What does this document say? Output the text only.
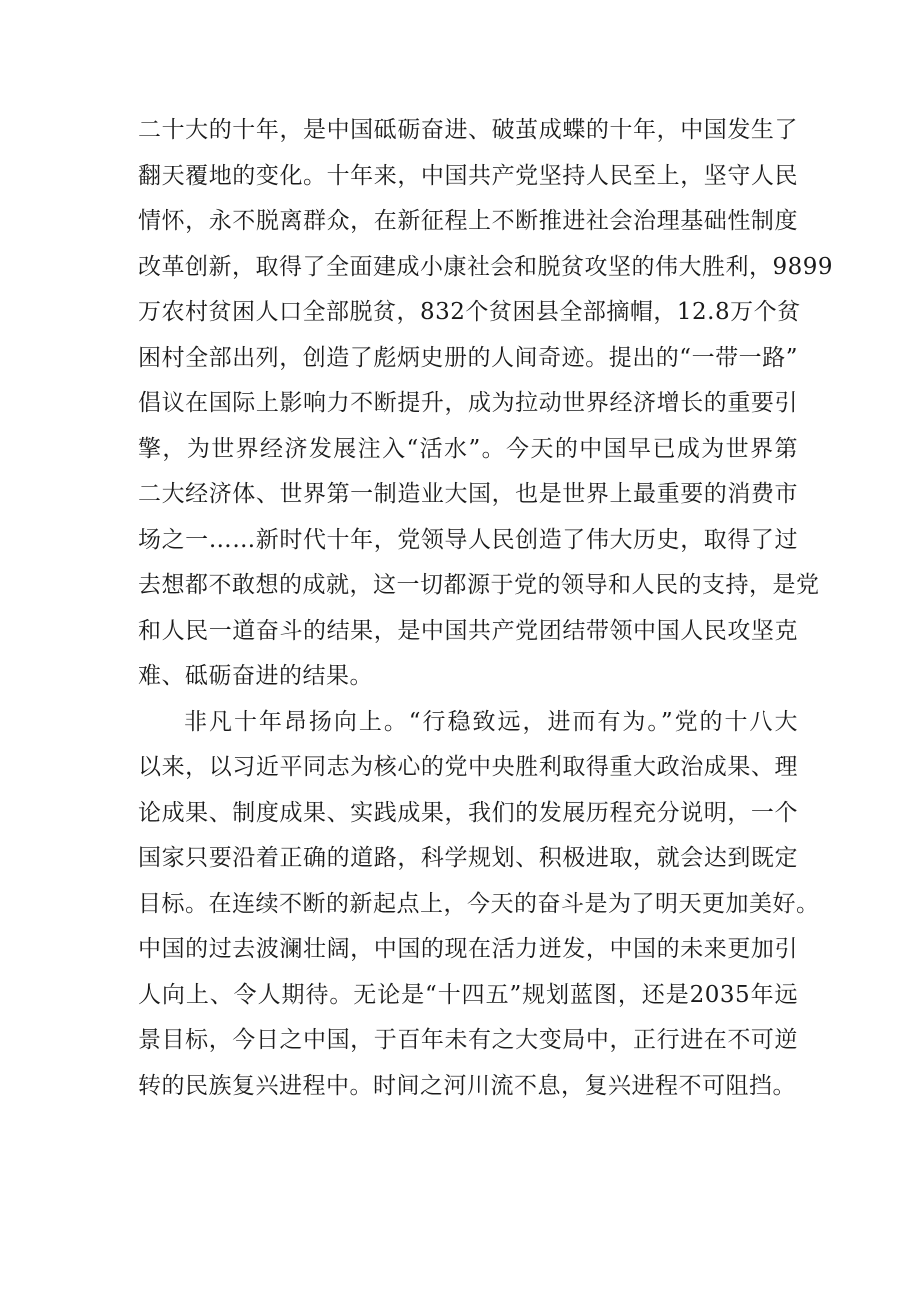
二十大的十年，是中国砥砺奋进、破茧成蝶的十年，中国发生了
翻天覆地的变化。十年来，中国共产党坚持人民至上，坚守人民
情怀，永不脱离群众，在新征程上不断推进社会治理基础性制度
改革创新，取得了全面建成小康社会和脱贫攻坚的伟大胜利，9899
万农村贫困人口全部脱贫，832个贫困县全部摘帽，12.8万个贫
困村全部出列，创造了彪炳史册的人间奇迹。提出的“一带一路”
倡议在国际上影响力不断提升，成为拉动世界经济增长的重要引
擎，为世界经济发展注入“活水”。今天的中国早已成为世界第
二大经济体、世界第一制造业大国，也是世界上最重要的消费市
场之一……新时代十年，党领导人民创造了伟大历史，取得了过
去想都不敢想的成就，这一切都源于党的领导和人民的支持，是党
和人民一道奋斗的结果，是中国共产党团结带领中国人民攻坚克
难、砥砺奋进的结果。
非凡十年昂扬向上。“行稳致远，进而有为。”党的十八大
以来，以习近平同志为核心的党中央胜利取得重大政治成果、理
论成果、制度成果、实践成果，我们的发展历程充分说明，一个
国家只要沿着正确的道路，科学规划、积极进取，就会达到既定
目标。在连续不断的新起点上，今天的奋斗是为了明天更加美好。
中国的过去波澜壮阔，中国的现在活力迸发，中国的未来更加引
人向上、令人期待。无论是“十四五”规划蓝图，还是2035年远
景目标，今日之中国，于百年未有之大变局中，正行进在不可逆
转的民族复兴进程中。时间之河川流不息，复兴进程不可阻挡。
